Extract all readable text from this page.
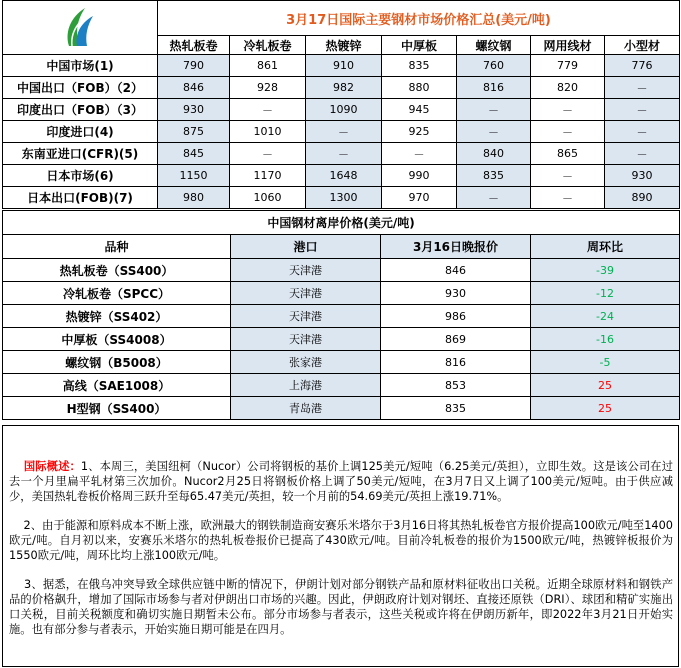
	3月17日国际主要钢材市场价格汇总(美元/吨)						
	热轧板卷	冷轧板卷	热镀锌	中厚板	螺纹钢	网用线材	小型材
中国市场(1)	790	861	910	835	760	779	776
中国出口（FOB）（2）	846	928	982	880	816	820	－
印度出口（FOB）（3）	930	－	1090	945	－	－	－
印度进口(4)	875	1010	－	925	－	－	－
东南亚进口(CFR)(5)	845	－	－	－	840	865	－
日本市场(6)	1150	1170	1648	990	835	－	930
日本出口(FOB)(7)	980	1060	1300	970	－	－	890
中国钢材离岸价格(美元/吨)			
品种	港口	3月16日晚报价	周环比
热轧板卷（SS400）	天津港	846	-39
冷轧板卷（SPCC）	天津港	930	-12
热镀锌（SS402）	天津港	986	-24
中厚板（SS4008）	天津港	869	-16
螺纹钢（B5008）	张家港	816	-5
高线（SAE1008）	上海港	853	25
H型钢（SS400）	青岛港	835	25

国际概述：1、本周三，美国纽柯（Nucor）公司将钢板的基价上调125美元/短吨（6.25美元/英担），立即生效。这是该公司在过去一个月里扁平轧材第三次加价。Nucor2月25日将钢板价格上调了50美元/短吨，在3月7日又上调了100美元/短吨。由于供应减少，美国热轧卷板价格周三跃升至每65.47美元/英担，较一个月前的54.69美元/英担上涨19.71%。

2、由于能源和原料成本不断上涨，欧洲最大的钢铁制造商安赛乐米塔尔于3月16日将其热轧板卷官方报价提高100欧元/吨至1400欧元/吨。自月初以来，安赛乐米塔尔的热轧板卷报价已提高了430欧元/吨。目前冷轧板卷的报价为1500欧元/吨，热镀锌板报价为1550欧元/吨，周环比均上涨100欧元/吨。

3、据悉，在俄乌冲突导致全球供应链中断的情况下，伊朗计划对部分钢铁产品和原材料征收出口关税。近期全球原材料和钢铁产品的价格飙升，增加了国际市场参与者对伊朗出口市场的兴趣。因此，伊朗政府计划对钢坯、直接还原铁（DRI）、球团和精矿实施出口关税，目前关税额度和确切实施日期暂未公布。部分市场参与者表示，这些关税或许将在伊朗历新年，即2022年3月21日开始实施。也有部分参与者表示，开始实施日期可能是在四月。
